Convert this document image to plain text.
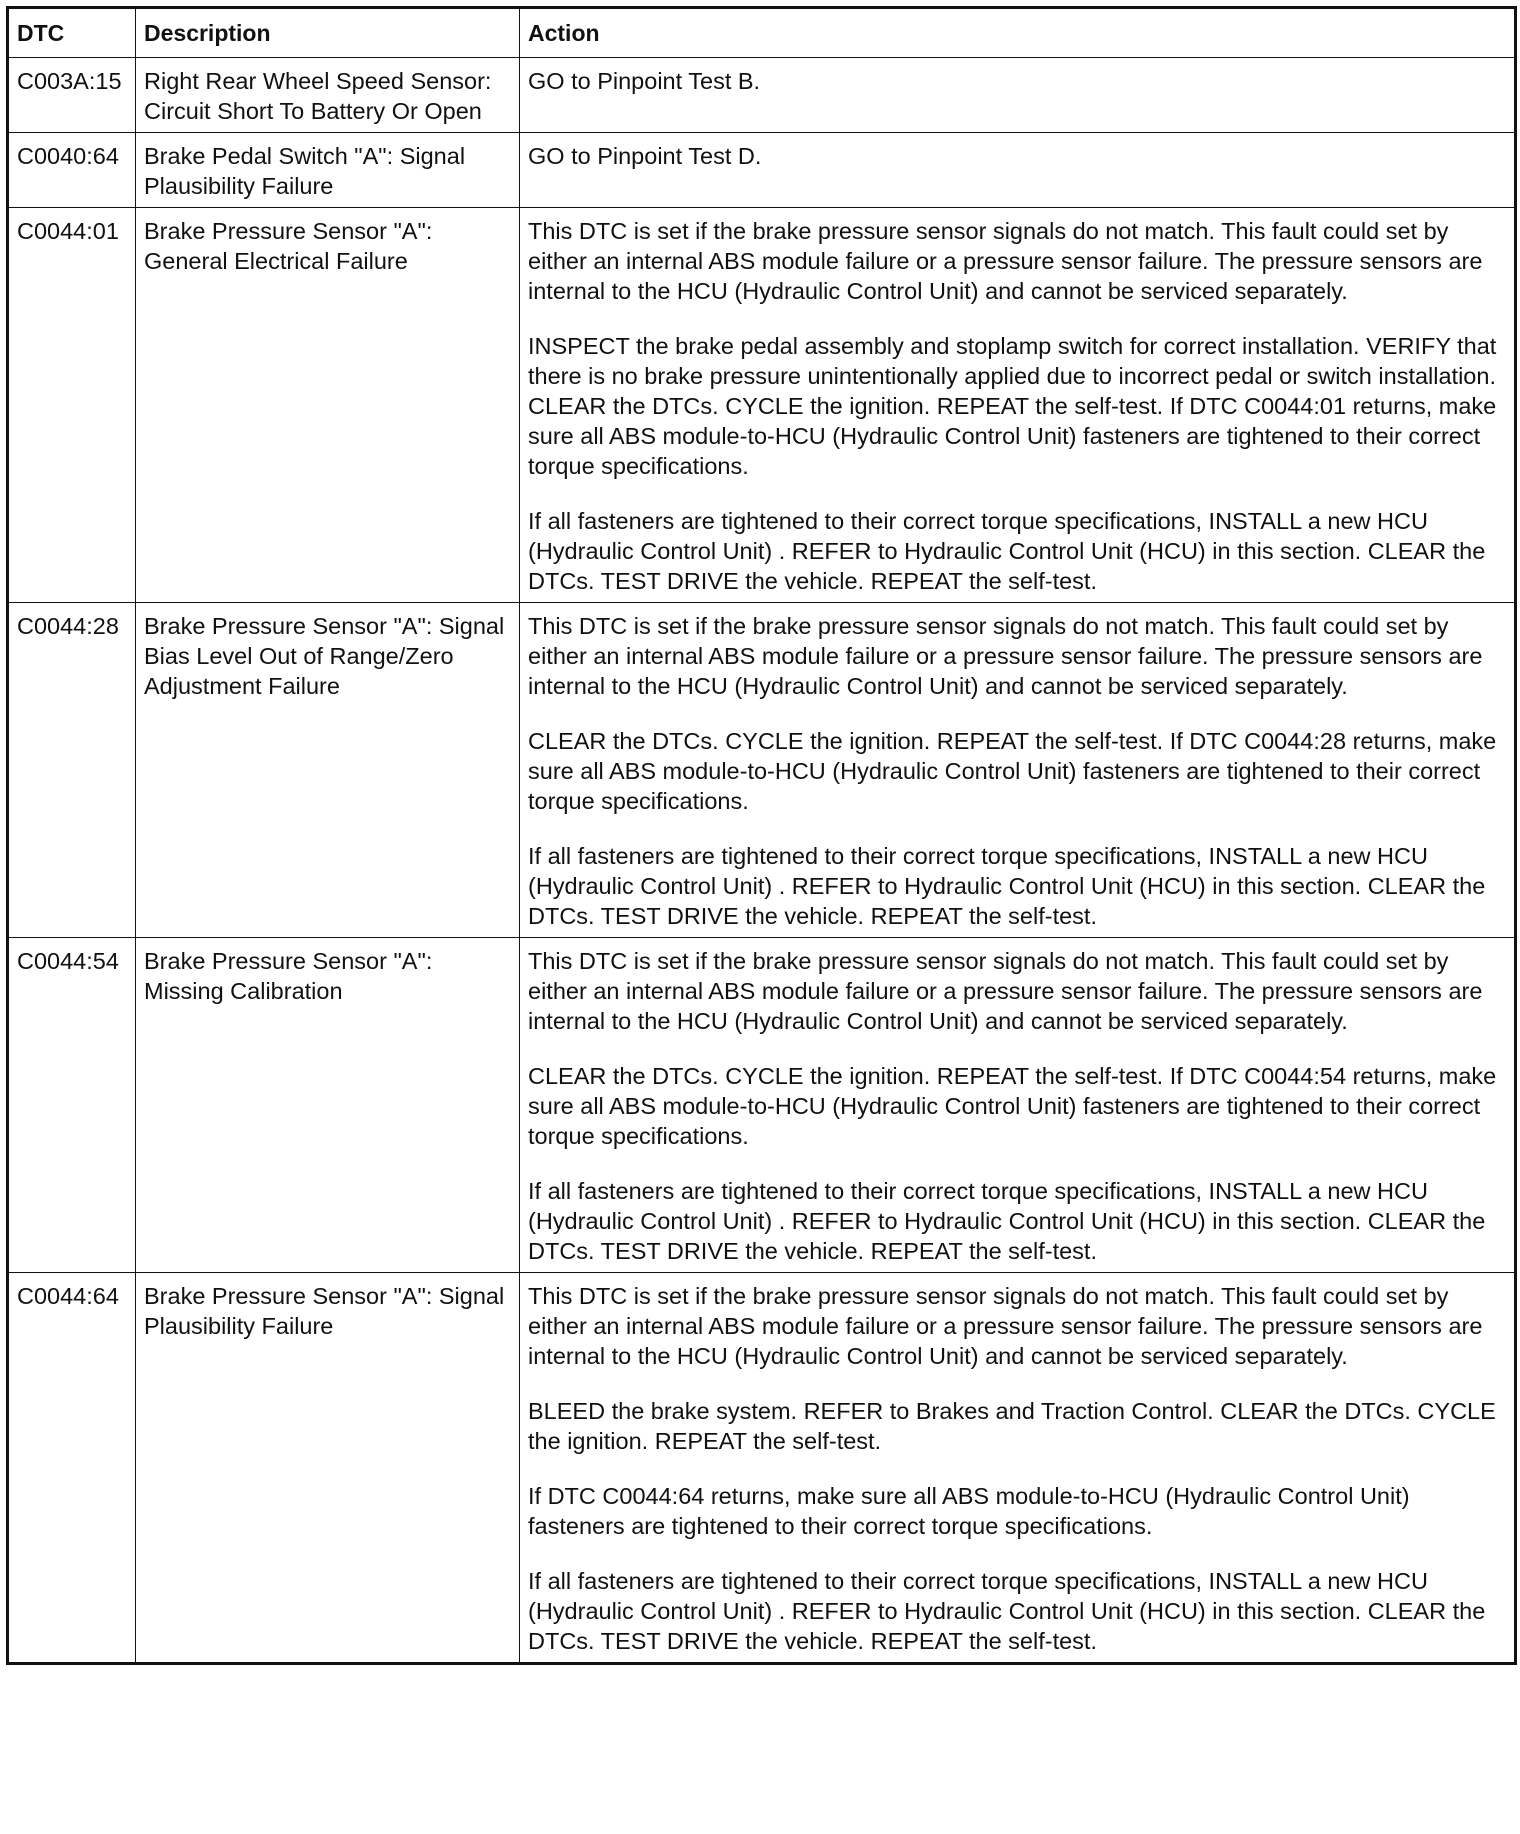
DTC	Description	Action
C003A:15	Right Rear Wheel Speed Sensor: Circuit Short To Battery Or Open	GO to Pinpoint Test B.

C0040:64	Brake Pedal Switch "A": Signal Plausibility Failure	GO to Pinpoint Test D.

C0044:01	Brake Pressure Sensor "A": General Electrical Failure	This DTC is set if the brake pressure sensor signals do not match. This fault could set by either an internal ABS module failure or a pressure sensor failure. The pressure sensors are internal to the HCU (Hydraulic Control Unit) and cannot be serviced separately.
INSPECT the brake pedal assembly and stoplamp switch for correct installation. VERIFY that there is no brake pressure unintentionally applied due to incorrect pedal or switch installation. CLEAR the DTCs. CYCLE the ignition. REPEAT the self-test. If DTC C0044:01 returns, make sure all ABS module-to-HCU (Hydraulic Control Unit) fasteners are tightened to their correct torque specifications.
If all fasteners are tightened to their correct torque specifications, INSTALL a new HCU (Hydraulic Control Unit) . REFER to Hydraulic Control Unit (HCU) in this section. CLEAR the DTCs. TEST DRIVE the vehicle. REPEAT the self-test.

C0044:28	Brake Pressure Sensor "A": Signal Bias Level Out of Range/Zero Adjustment Failure	This DTC is set if the brake pressure sensor signals do not match. This fault could set by either an internal ABS module failure or a pressure sensor failure. The pressure sensors are internal to the HCU (Hydraulic Control Unit) and cannot be serviced separately.
CLEAR the DTCs. CYCLE the ignition. REPEAT the self-test. If DTC C0044:28 returns, make sure all ABS module-to-HCU (Hydraulic Control Unit) fasteners are tightened to their correct torque specifications.
If all fasteners are tightened to their correct torque specifications, INSTALL a new HCU (Hydraulic Control Unit) . REFER to Hydraulic Control Unit (HCU) in this section. CLEAR the DTCs. TEST DRIVE the vehicle. REPEAT the self-test.

C0044:54	Brake Pressure Sensor "A": Missing Calibration	This DTC is set if the brake pressure sensor signals do not match. This fault could set by either an internal ABS module failure or a pressure sensor failure. The pressure sensors are internal to the HCU (Hydraulic Control Unit) and cannot be serviced separately.
CLEAR the DTCs. CYCLE the ignition. REPEAT the self-test. If DTC C0044:54 returns, make sure all ABS module-to-HCU (Hydraulic Control Unit) fasteners are tightened to their correct torque specifications.
If all fasteners are tightened to their correct torque specifications, INSTALL a new HCU (Hydraulic Control Unit) . REFER to Hydraulic Control Unit (HCU) in this section. CLEAR the DTCs. TEST DRIVE the vehicle. REPEAT the self-test.

C0044:64	Brake Pressure Sensor "A": Signal Plausibility Failure	This DTC is set if the brake pressure sensor signals do not match. This fault could set by either an internal ABS module failure or a pressure sensor failure. The pressure sensors are internal to the HCU (Hydraulic Control Unit) and cannot be serviced separately.
BLEED the brake system. REFER to Brakes and Traction Control. CLEAR the DTCs. CYCLE the ignition. REPEAT the self-test.
If DTC C0044:64 returns, make sure all ABS module-to-HCU (Hydraulic Control Unit) fasteners are tightened to their correct torque specifications.
If all fasteners are tightened to their correct torque specifications, INSTALL a new HCU (Hydraulic Control Unit) . REFER to Hydraulic Control Unit (HCU) in this section. CLEAR the DTCs. TEST DRIVE the vehicle. REPEAT the self-test.
